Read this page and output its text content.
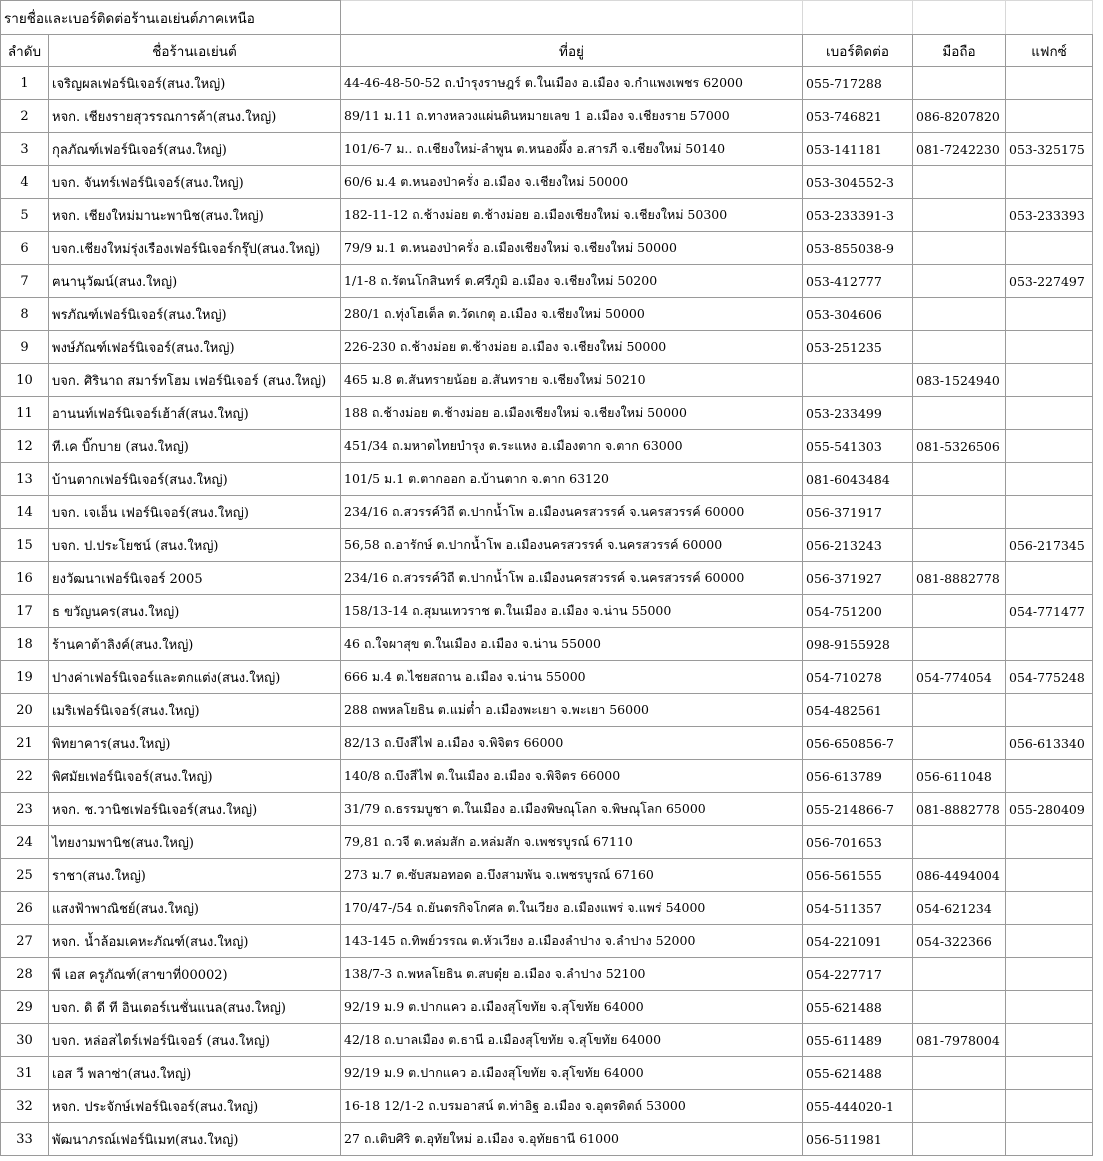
รายชื่อและเบอร์ติดต่อร้านเอเย่นต์ภาคเหนือ					
ลำดับ	ชื่อร้านเอเย่นต์	ที่อยู่	เบอร์ติดต่อ	มือถือ	แฟกซ์
1	เจริญผลเฟอร์นิเจอร์(สนง.ใหญ่)	44-46-48-50-52 ถ.บำรุงราษฎร์ ต.ในเมือง อ.เมือง จ.กำแพงเพชร 62000	055-717288		
2	หจก. เชียงรายสุวรรณการค้า(สนง.ใหญ่)	89/11 ม.11 ถ.ทางหลวงแผ่นดินหมายเลข 1 อ.เมือง จ.เชียงราย 57000	053-746821	086-8207820	
3	กุลภัณฑ์เฟอร์นิเจอร์(สนง.ใหญ่)	101/6-7 ม.. ถ.เชียงใหม่-ลำพูน ต.หนองผึ้ง อ.สารภี จ.เชียงใหม่ 50140	053-141181	081-7242230	053-325175
4	บจก. จันทร์เฟอร์นิเจอร์(สนง.ใหญ่)	60/6 ม.4 ต.หนองป่าครั่ง อ.เมือง จ.เชียงใหม่ 50000	053-304552-3		
5	หจก. เชียงใหม่มานะพานิช(สนง.ใหญ่)	182-11-12 ถ.ช้างม่อย ต.ช้างม่อย อ.เมืองเชียงใหม่ จ.เชียงใหม่ 50300	053-233391-3		053-233393
6	บจก.เชียงใหม่รุ่งเรืองเฟอร์นิเจอร์กรุ๊ป(สนง.ใหญ่)	79/9 ม.1 ต.หนองป่าครั่ง อ.เมืองเชียงใหม่ จ.เชียงใหม่ 50000	053-855038-9		
7	ฅนานุวัฒน์(สนง.ใหญ่)	1/1-8 ถ.รัตนโกสินทร์ ต.ศรีภูมิ อ.เมือง จ.เชียงใหม่ 50200	053-412777		053-227497
8	พรภัณฑ์เฟอร์นิเจอร์(สนง.ใหญ่)	280/1 ถ.ทุ่งโฮเต็ล ต.วัดเกตุ อ.เมือง จ.เชียงใหม่ 50000	053-304606		
9	พงษ์ภัณฑ์เฟอร์นิเจอร์(สนง.ใหญ่)	226-230 ถ.ช้างม่อย ต.ช้างม่อย อ.เมือง จ.เชียงใหม่ 50000	053-251235		
10	บจก. ศิรินาถ สมาร์ทโฮม เฟอร์นิเจอร์ (สนง.ใหญ่)	465 ม.8 ต.สันทรายน้อย อ.สันทราย จ.เชียงใหม่ 50210		083-1524940	
11	อานนท์เฟอร์นิเจอร์เฮ้าส์(สนง.ใหญ่)	188 ถ.ช้างม่อย ต.ช้างม่อย อ.เมืองเชียงใหม่ จ.เชียงใหม่ 50000	053-233499		
12	ที.เค บิ๊กบาย (สนง.ใหญ่)	451/34 ถ.มหาดไทยบำรุง ต.ระแหง อ.เมืองตาก จ.ตาก 63000	055-541303	081-5326506	
13	บ้านตากเฟอร์นิเจอร์(สนง.ใหญ่)	101/5 ม.1 ต.ตากออก อ.บ้านตาก จ.ตาก 63120	081-6043484		
14	บจก. เจเอ็น เฟอร์นิเจอร์(สนง.ใหญ่)	234/16 ถ.สวรรค์วิถี ต.ปากน้ำโพ อ.เมืองนครสวรรค์ จ.นครสวรรค์ 60000	056-371917		
15	บจก. ป.ประโยชน์ (สนง.ใหญ่)	56,58 ถ.อารักษ์ ต.ปากน้ำโพ อ.เมืองนครสวรรค์ จ.นครสวรรค์ 60000	056-213243		056-217345
16	ยงวัฒนาเฟอร์นิเจอร์ 2005	234/16 ถ.สวรรค์วิถี ต.ปากน้ำโพ อ.เมืองนครสวรรค์ จ.นครสวรรค์ 60000	056-371927	081-8882778	
17	ธ ขวัญนคร(สนง.ใหญ่)	158/13-14 ถ.สุมนเทวราช ต.ในเมือง อ.เมือง จ.น่าน 55000	054-751200		054-771477
18	ร้านคาต้าลิงค์(สนง.ใหญ่)	46 ถ.ใจผาสุข ต.ในเมือง อ.เมือง จ.น่าน 55000	098-9155928		
19	ปางค่าเฟอร์นิเจอร์และตกแต่ง(สนง.ใหญ่)	666 ม.4 ต.ไชยสถาน อ.เมือง จ.น่าน 55000	054-710278	054-774054	054-775248
20	เมริเฟอร์นิเจอร์(สนง.ใหญ่)	288 ถพหลโยธิน ต.แม่ต๋ำ อ.เมืองพะเยา จ.พะเยา 56000	054-482561		
21	พิทยาคาร(สนง.ใหญ่)	82/13 ถ.บึงสีไฟ อ.เมือง จ.พิจิตร 66000	056-650856-7		056-613340
22	พิศมัยเฟอร์นิเจอร์(สนง.ใหญ่)	140/8 ถ.บึงสีไฟ ต.ในเมือง อ.เมือง จ.พิจิตร 66000	056-613789	056-611048	
23	หจก. ช.วานิชเฟอร์นิเจอร์(สนง.ใหญ่)	31/79 ถ.ธรรมบูชา ต.ในเมือง อ.เมืองพิษณุโลก จ.พิษณุโลก 65000	055-214866-7	081-8882778	055-280409
24	ไทยงามพานิช(สนง.ใหญ่)	79,81 ถ.วจี ต.หล่มสัก อ.หล่มสัก จ.เพชรบูรณ์ 67110	056-701653		
25	ราชา(สนง.ใหญ่)	273 ม.7 ต.ซับสมอทอด อ.บึงสามพัน จ.เพชรบูรณ์ 67160	056-561555	086-4494004	
26	แสงฟ้าพาณิชย์(สนง.ใหญ่)	170/47-/54 ถ.ยันตรกิจโกศล ต.ในเวียง อ.เมืองแพร่ จ.แพร่ 54000	054-511357	054-621234	
27	หจก. น้ำล้อมเคหะภัณฑ์(สนง.ใหญ่)	143-145 ถ.ทิพย์วรรณ ต.หัวเวียง อ.เมืองลำปาง จ.ลำปาง 52000	054-221091	054-322366	
28	พี เอส ครูภัณฑ์(สาขาที่00002)	138/7-3 ถ.พหลโยธิน ต.สบตุ๋ย อ.เมือง จ.ลำปาง 52100	054-227717		
29	บจก. ดิ ดี ที อินเตอร์เนชั่นแนล(สนง.ใหญ่)	92/19 ม.9 ต.ปากแคว อ.เมืองสุโขทัย จ.สุโขทัย 64000	055-621488		
30	บจก. หล่อสไตร์เฟอร์นิเจอร์ (สนง.ใหญ่)	42/18 ถ.บาลเมือง ต.ธานี อ.เมืองสุโขทัย จ.สุโขทัย 64000	055-611489	081-7978004	
31	เอส วี พลาซ่า(สนง.ใหญ่)	92/19 ม.9 ต.ปากแคว อ.เมืองสุโขทัย จ.สุโขทัย 64000	055-621488		
32	หจก. ประจักษ์เฟอร์นิเจอร์(สนง.ใหญ่)	16-18 12/1-2 ถ.บรมอาสน์ ต.ท่าอิฐ อ.เมือง จ.อุตรดิตถ์ 53000	055-444020-1		
33	พัฒนาภรณ์เฟอร์นิเมท(สนง.ใหญ่)	27 ถ.เติบศิริ ต.อุทัยใหม่ อ.เมือง จ.อุทัยธานี 61000	056-511981		
